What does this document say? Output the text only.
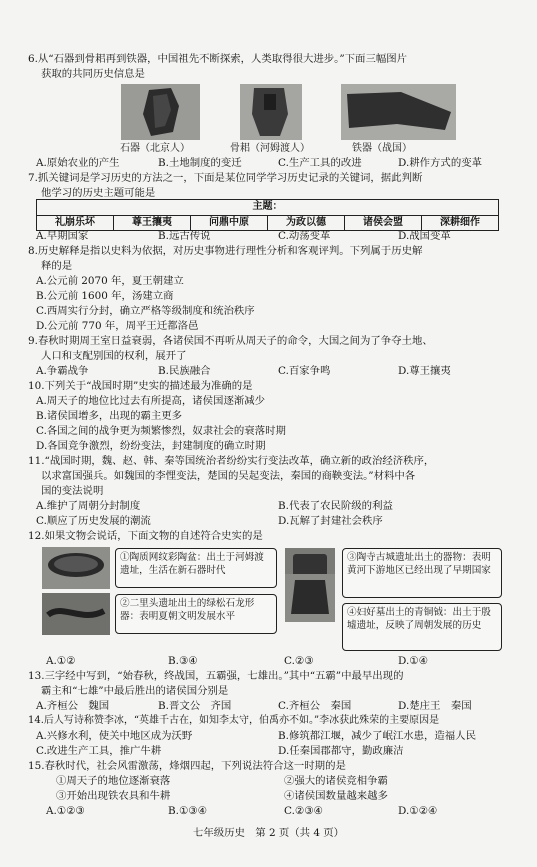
6.从“石器到骨耜再到铁器，中国祖先不断探索，人类取得很大进步。”下面三幅图片
获取的共同历史信息是
石器（北京人）	骨耜（河姆渡人）	铁器（战国）
A.原始农业的产生	B.土地制度的变迁	C.生产工具的改进	D.耕作方式的变革
7.抓关键词是学习历史的方法之一，下面是某位同学学习历史记录的关键词，据此判断
他学习的历史主题可能是
主题：
礼崩乐坏	尊王攘夷	问鼎中原	为政以德	诸侯会盟	深耕细作
A.早期国家	B.远古传说	C.动荡变革	D.战国变革
8.历史解释是指以史料为依据，对历史事物进行理性分析和客观评判。下列属于历史解
释的是
A.公元前 2070 年，夏王朝建立
B.公元前 1600 年，汤建立商
C.西周实行分封，确立严格等级制度和统治秩序
D.公元前 770 年，周平王迁都洛邑
9.春秋时期周王室日益衰弱，各诸侯国不再听从周天子的命令，大国之间为了争夺土地、
人口和支配别国的权利，展开了
A.争霸战争	B.民族融合	C.百家争鸣	D.尊王攘夷
10.下列关于“战国时期”史实的描述最为准确的是
A.周天子的地位比过去有所提高，诸侯国逐渐减少
B.诸侯国增多，出现的霸主更多
C.各国之间的战争更为频繁惨烈，奴隶社会的衰落时期
D.各国竞争激烈，纷纷变法，封建制度的确立时期
11.“战国时期，魏、赵、韩、秦等国统治者纷纷实行变法改革，确立新的政治经济秩序，
以求富国强兵。如魏国的李悝变法，楚国的吴起变法，秦国的商鞅变法。”材料中各
国的变法说明
A.维护了周朝分封制度	B.代表了农民阶级的利益
C.顺应了历史发展的潮流	D.瓦解了封建社会秩序
12.如果文物会说话，下面文物的自述符合史实的是
①陶质网纹彩陶盆：出土于河姆渡遗址，生活在新石器时代
③陶寺古城遗址出土的器物：表明黄河下游地区已经出现了早期国家
②二里头遗址出土的绿松石龙形器：表明夏朝文明发展水平	④妇好墓出土的青铜钺：出土于殷墟遗址，反映了周朝发展的历史
A.①②	B.③④	C.②③	D.①④
13.三字经中写到，“始春秋，终战国，五霸强，七雄出。”其中“五霸”中最早出现的
霸主和“七雄”中最后胜出的诸侯国分别是
A.齐桓公　魏国	B.晋文公　齐国	C.齐桓公　秦国	D.楚庄王　秦国
14.后人写诗称赞李冰，“英雄千古在，如知李太守，伯禹亦不如。”李冰获此殊荣的主要原因是
A.兴修水利，使关中地区成为沃野	B.修筑都江堰，减少了岷江水患，造福人民
C.改进生产工具，推广牛耕	D.任秦国郡都守，勤政廉洁
15.春秋时代，社会风雷激荡，烽烟四起，下列说法符合这一时期的是
①周天子的地位逐渐衰落	②强大的诸侯竞相争霸
③开始出现铁农具和牛耕	④诸侯国数量越来越多
A.①②③	B.①③④	C.②③④	D.①②④
七年级历史　第 2 页（共 4 页）
